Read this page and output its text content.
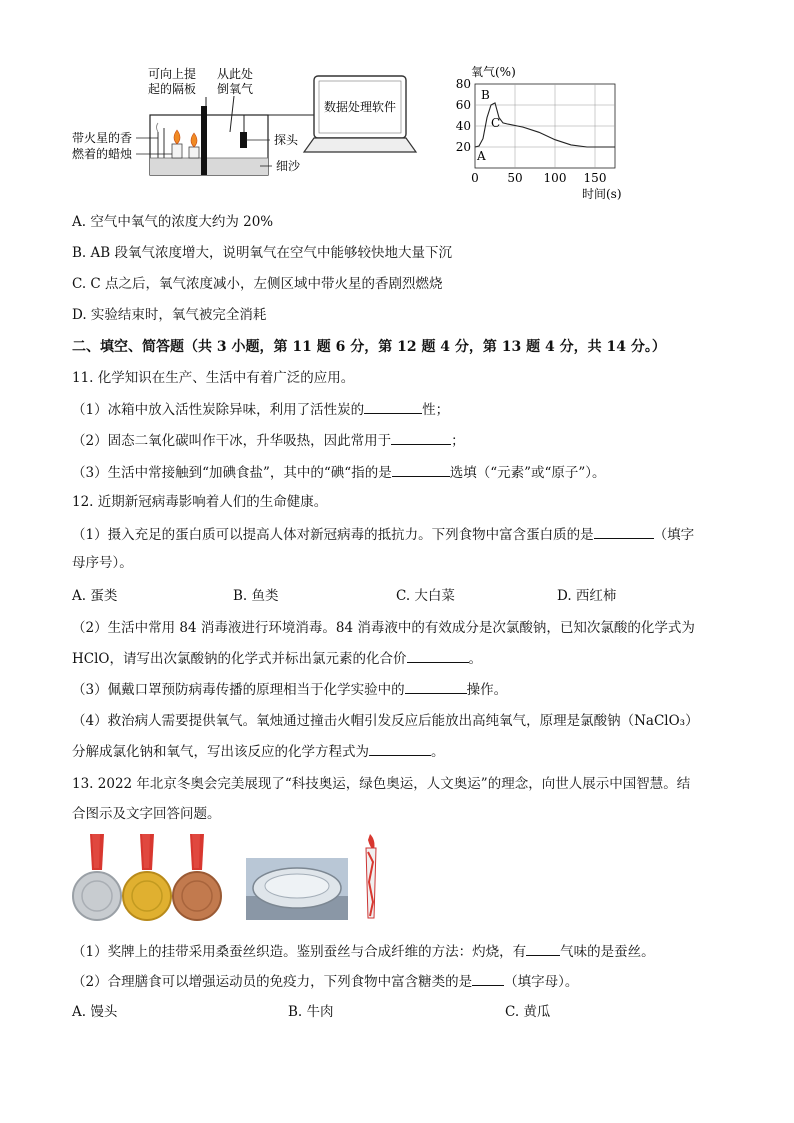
可向上提
起的隔板
从此处
倒氧气
探头
细沙
带火星的香
燃着的蜡烛
数据处理软件
20
40
60
80
0 50 100 150
氧气(%)
时间(s)
A
B
C
A. 空气中氧气的浓度大约为 20%
B. AB 段氧气浓度增大，说明氧气在空气中能够较快地大量下沉
C. C 点之后，氧气浓度减小，左侧区域中带火星的香剧烈燃烧
D. 实验结束时，氧气被完全消耗
二、填空、简答题（共 3 小题，第 11 题 6 分，第 12 题 4 分，第 13 题 4 分，共 14 分。）
11. 化学知识在生产、生活中有着广泛的应用。
（1）冰箱中放入活性炭除异味，利用了活性炭的	性；
（2）固态二氧化碳叫作干冰，升华吸热，因此常用于	；
（3）生活中常接触到“加碘食盐”，其中的“碘“指的是	选填（“元素”或“原子”）。
12. 近期新冠病毒影响着人们的生命健康。
（1）摄入充足的蛋白质可以提高人体对新冠病毒的抵抗力。下列食物中富含蛋白质的是	（填字
母序号）。
A. 蛋类	B. 鱼类	C. 大白菜	D. 西红柿
（2）生活中常用 84 消毒液进行环境消毒。84 消毒液中的有效成分是次氯酸钠，已知次氯酸的化学式为
HClO，请写出次氯酸钠的化学式并标出氯元素的化合价	。
（3）佩戴口罩预防病毒传播的原理相当于化学实验中的	操作。
（4）救治病人需要提供氧气。氧烛通过撞击火帽引发反应后能放出高纯氧气，原理是氯酸钠（NaClO₃）
分解成氯化钠和氧气，写出该反应的化学方程式为	。
13. 2022 年北京冬奥会完美展现了“科技奥运，绿色奥运，人文奥运”的理念，向世人展示中国智慧。结
合图示及文字回答问题。
（1）奖牌上的挂带采用桑蚕丝织造。鉴别蚕丝与合成纤维的方法：灼烧，有	气味的是蚕丝。
（2）合理膳食可以增强运动员的免疫力，下列食物中富含糖类的是 （填字母）。
A. 馒头	B. 牛肉	C. 黄瓜
